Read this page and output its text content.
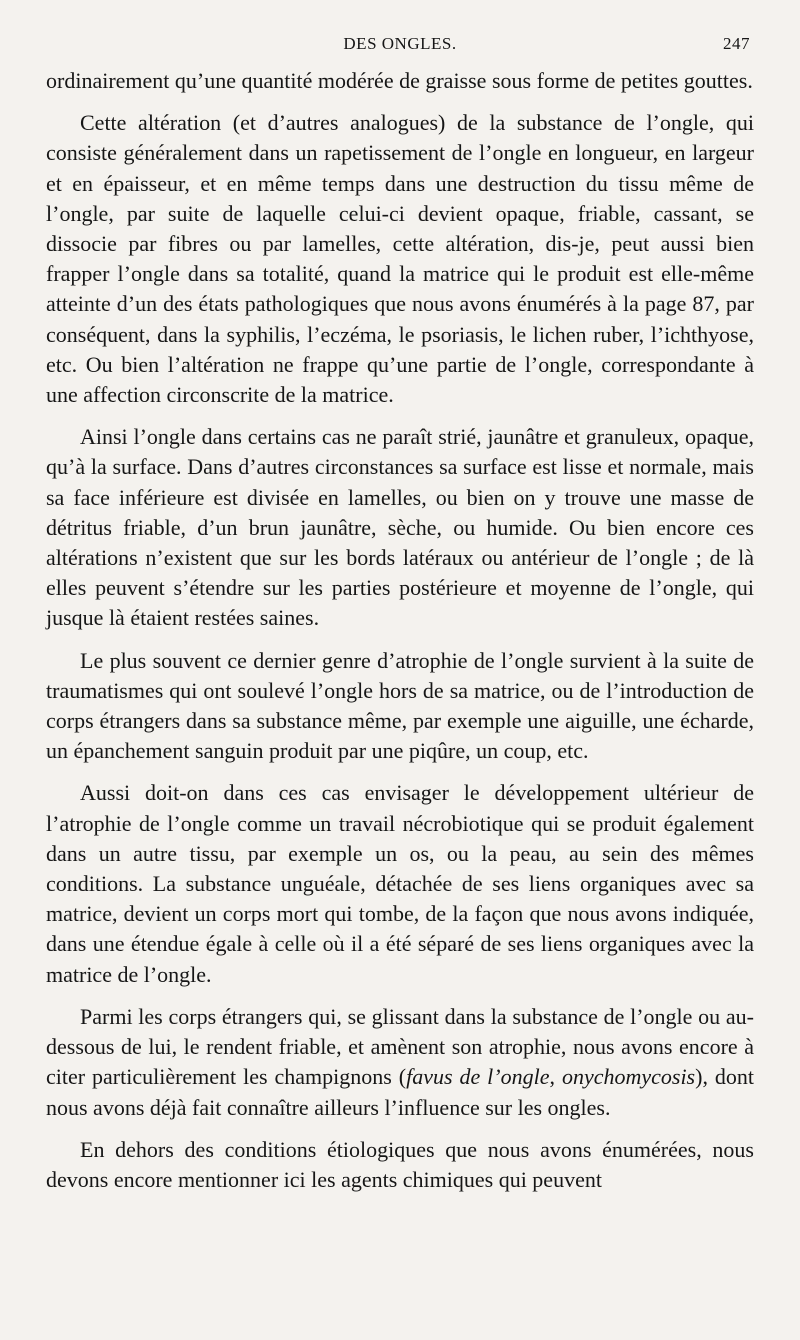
DES ONGLES.	247

ordinairement qu’une quantité modérée de graisse sous forme de petites gouttes.

Cette altération (et d’autres analogues) de la substance de l’ongle, qui consiste généralement dans un rapetissement de l’ongle en longueur, en largeur et en épaisseur, et en même temps dans une destruction du tissu même de l’ongle, par suite de laquelle celui-ci devient opaque, friable, cassant, se dissocie par fibres ou par lamelles, cette altération, dis-je, peut aussi bien frapper l’ongle dans sa totalité, quand la matrice qui le produit est elle-même atteinte d’un des états pathologiques que nous avons énumérés à la page 87, par conséquent, dans la syphilis, l’eczéma, le psoriasis, le lichen ruber, l’ichthyose, etc. Ou bien l’altération ne frappe qu’une partie de l’ongle, correspondante à une affection circonscrite de la matrice.

Ainsi l’ongle dans certains cas ne paraît strié, jaunâtre et granuleux, opaque, qu’à la surface. Dans d’autres circonstances sa surface est lisse et normale, mais sa face inférieure est divisée en lamelles, ou bien on y trouve une masse de détritus friable, d’un brun jaunâtre, sèche, ou humide. Ou bien encore ces altérations n’existent que sur les bords latéraux ou antérieur de l’ongle ; de là elles peuvent s’étendre sur les parties postérieure et moyenne de l’ongle, qui jusque là étaient restées saines.

Le plus souvent ce dernier genre d’atrophie de l’ongle survient à la suite de traumatismes qui ont soulevé l’ongle hors de sa matrice, ou de l’introduction de corps étrangers dans sa substance même, par exemple une aiguille, une écharde, un épanchement sanguin produit par une piqûre, un coup, etc.

Aussi doit-on dans ces cas envisager le développement ultérieur de l’atrophie de l’ongle comme un travail nécrobiotique qui se produit également dans un autre tissu, par exemple un os, ou la peau, au sein des mêmes conditions. La substance unguéale, détachée de ses liens organiques avec sa matrice, devient un corps mort qui tombe, de la façon que nous avons indiquée, dans une étendue égale à celle où il a été séparé de ses liens organiques avec la matrice de l’ongle.

Parmi les corps étrangers qui, se glissant dans la substance de l’ongle ou au-dessous de lui, le rendent friable, et amènent son atrophie, nous avons encore à citer particulièrement les champignons (favus de l’ongle, onychomycosis), dont nous avons déjà fait connaître ailleurs l’influence sur les ongles.

En dehors des conditions étiologiques que nous avons énumérées, nous devons encore mentionner ici les agents chimiques qui peuvent
